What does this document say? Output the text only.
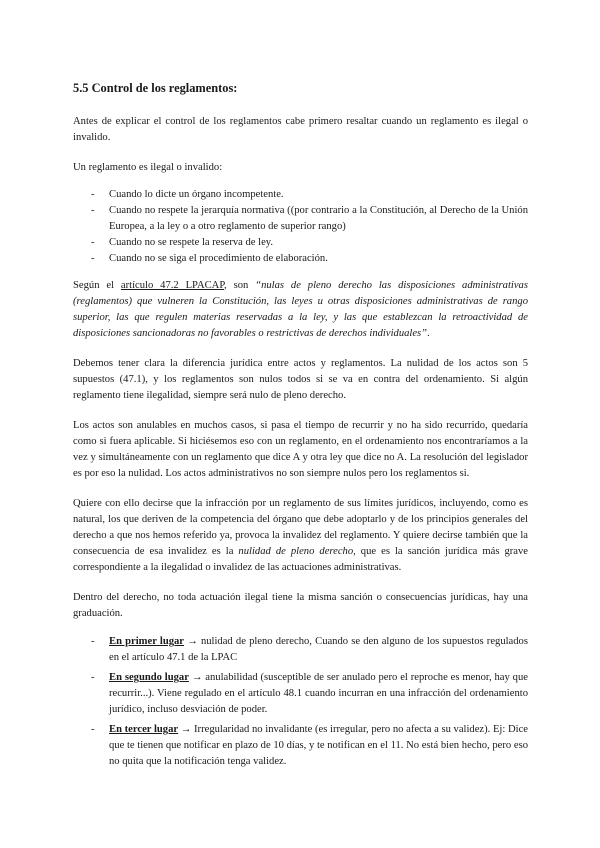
5.5 Control de los reglamentos:

Antes de explicar el control de los reglamentos cabe primero resaltar cuando un reglamento es ilegal o invalido.

Un reglamento es ilegal o invalido:

- Cuando lo dicte un órgano incompetente.
- Cuando no respete la jerarquía normativa ((por contrario a la Constitución, al Derecho de la Unión Europea, a la ley o a otro reglamento de superior rango)
- Cuando no se respete la reserva de ley.
- Cuando no se siga el procedimiento de elaboración.

Según el artículo 47.2 LPACAP, son “nulas de pleno derecho las disposiciones administrativas (reglamentos) que vulneren la Constitución, las leyes u otras disposiciones administrativas de rango superior, las que regulen materias reservadas a la ley, y las que establezcan la retroactividad de disposiciones sancionadoras no favorables o restrictivas de derechos individuales”.

Debemos tener clara la diferencia jurídica entre actos y reglamentos. La nulidad de los actos son 5 supuestos (47.1), y los reglamentos son nulos todos si se va en contra del ordenamiento. Si algún reglamento tiene ilegalidad, siempre será nulo de pleno derecho.

Los actos son anulables en muchos casos, si pasa el tiempo de recurrir y no ha sido recurrido, quedaría como si fuera aplicable. Si hiciésemos eso con un reglamento, en el ordenamiento nos encontraríamos a la vez y simultáneamente con un reglamento que dice A y otra ley que dice no A. La resolución del legislador es por eso la nulidad. Los actos administrativos no son siempre nulos pero los reglamentos si.

Quiere con ello decirse que la infracción por un reglamento de sus límites jurídicos, incluyendo, como es natural, los que deriven de la competencia del órgano que debe adoptarlo y de los principios generales del derecho a que nos hemos referido ya, provoca la invalidez del reglamento. Y quiere decirse también que la consecuencia de esa invalidez es la nulidad de pleno derecho, que es la sanción jurídica más grave correspondiente a la ilegalidad o invalidez de las actuaciones administrativas.

Dentro del derecho, no toda actuación ilegal tiene la misma sanción o consecuencias jurídicas, hay una graduación.

- En primer lugar → nulidad de pleno derecho, Cuando se den alguno de los supuestos regulados en el artículo 47.1 de la LPAC
- En segundo lugar → anulabilidad (susceptible de ser anulado pero el reproche es menor, hay que recurrir...). Viene regulado en el artículo 48.1 cuando incurran en una infracción del ordenamiento jurídico, incluso desviación de poder.
- En tercer lugar → Irregularidad no invalidante (es irregular, pero no afecta a su validez). Ej: Dice que te tienen que notificar en plazo de 10 días, y te notifican en el 11. No está bien hecho, pero eso no quita que la notificación tenga validez.
